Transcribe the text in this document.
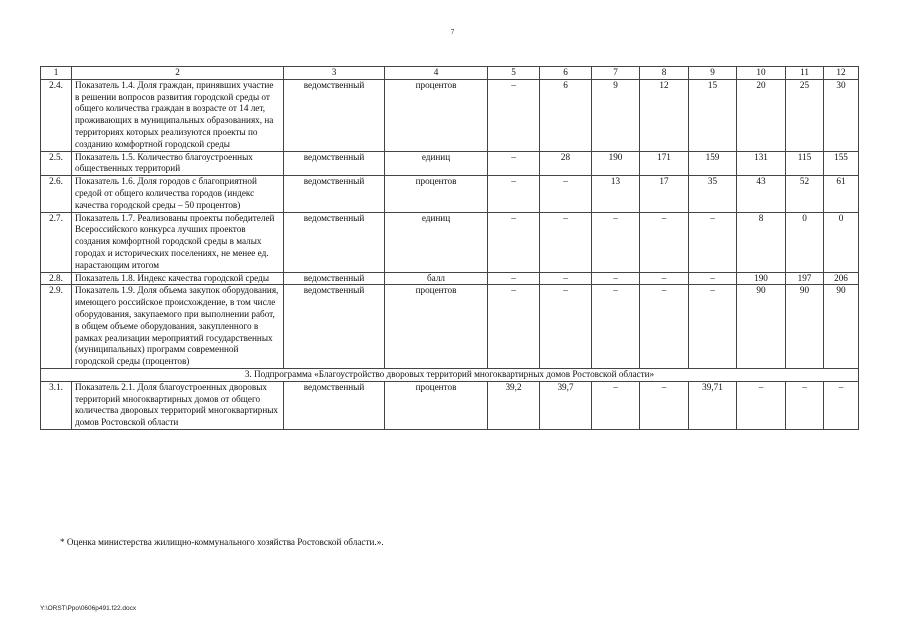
7
1	2	3	4	5	6	7	8	9	10	11	12
2.4.	Показатель 1.4. Доля граждан, принявших участие в решении вопросов развития городской среды от общего количества граждан в возрасте от 14 лет, проживающих в муниципальных образованиях, на территориях которых реализуются проекты по созданию комфортной городской среды	ведомственный	процентов	–	6	9	12	15	20	25	30
2.5.	Показатель 1.5. Количество благоустроенных общественных территорий	ведомственный	единиц	–	28	190	171	159	131	115	155
2.6.	Показатель 1.6. Доля городов с благоприятной средой от общего количества городов (индекс качества городской среды – 50 процентов)	ведомственный	процентов	–	–	13	17	35	43	52	61
2.7.	Показатель 1.7. Реализованы проекты победителей Всероссийского конкурса лучших проектов создания комфортной городской среды в малых городах и исторических поселениях, не менее ед. нарастающим итогом	ведомственный	единиц	–	–	–	–	–	8	0	0
2.8.	Показатель 1.8. Индекс качества городской среды	ведомственный	балл	–	–	–	–	–	190	197	206
2.9.	Показатель 1.9. Доля объема закупок оборудования, имеющего российское происхождение, в том числе оборудования, закупаемого при выполнении работ, в общем объеме оборудования, закупленного в рамках реализации мероприятий государственных (муниципальных) программ современной городской среды (процентов)	ведомственный	процентов	–	–	–	–	–	90	90	90
3. Подпрограмма «Благоустройство дворовых территорий многоквартирных домов Ростовской области»											
3.1.	Показатель 2.1. Доля благоустроенных дворовых территорий многоквартирных домов от общего количества дворовых территорий многоквартирных домов Ростовской области	ведомственный	процентов	39,2	39,7	–	–	39,71	–	–	–
* Оценка министерства жилищно-коммунального хозяйства Ростовской области.».
Y:\ORST\Ppo\0606p491.f22.docx
